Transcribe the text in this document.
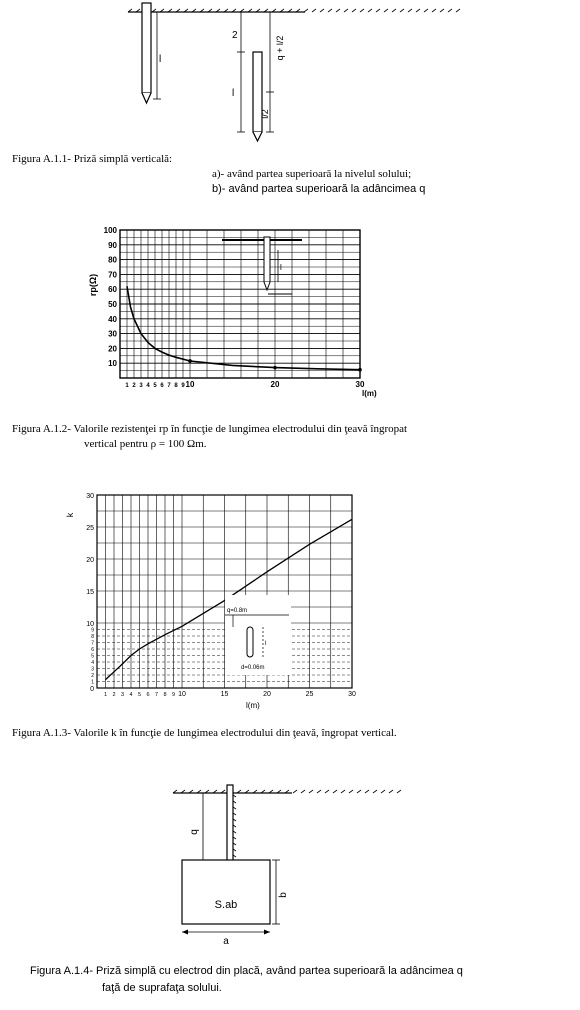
l
2
l
q + l/2
l/2
Figura A.1.1- Priză simplă verticală:
a)- având partea superioară la nivelul solului;
b)- având partea superioară la adâncimea q
10
20
30
40
50
60
70
80
90
100
1 2 3 4 5 6 7 8 9 10	20	30
rp(Ω)
l(m)
l
Figura A.1.2- Valorile rezistenţei rp în funcţie de lungimea electrodului din ţeavă îngropat
vertical pentru ρ = 100 Ωm.
0
1
2
3
4
5
6
7
8
9
10
15
20
25
30
1 2 3 4 5 6 7 8 9 10	15	20	25	30
k
l(m)
q=0.8m
l
d=0.06m
Figura A.1.3- Valorile k în funcţie de lungimea electrodului din ţeavă, îngropat vertical.
q
S.ab
b
a
Figura A.1.4- Priză simplă cu electrod din placă, având partea superioară la adâncimea q
faţă de suprafaţa solului.
